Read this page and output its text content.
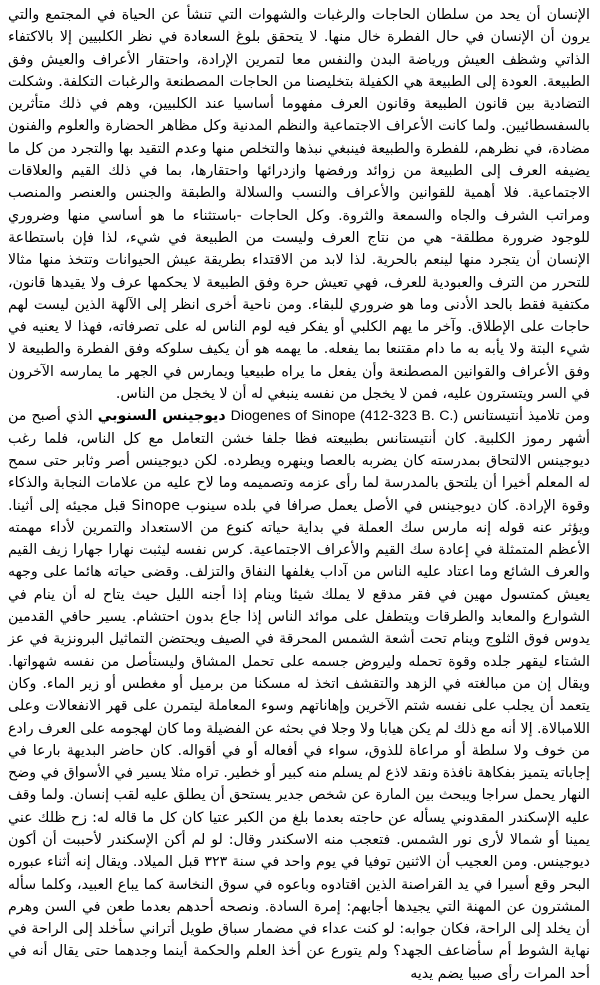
الإنسان أن يحد من سلطان الحاجات والرغبات والشهوات التي تنشأ عن الحياة في المجتمع والتي يرون أن الإنسان في حال الفطرة خال منها. لا يتحقق بلوغ السعادة في نظر الكلبيين إلا بالاكتفاء الذاتي وشظف العيش ورياضة البدن والنفس معا لتمرين الإرادة، واحتقار الأعراف والعيش وفق الطبيعة. العودة إلى الطبيعة هي الكفيلة بتخليصنا من الحاجات المصطنعة والرغبات التكلفة. وشكلت التضادية بين قانون الطبيعة وقانون العرف مفهوما أساسيا عند الكلبيين، وهم في ذلك متأثرين بالسفسطائيين. ولما كانت الأعراف الاجتماعية والنظم المدنية وكل مظاهر الحضارة والعلوم والفنون مضادة، في نظرهم، للفطرة والطبيعة فينبغي نبذها والتخلص منها وعدم التقيد بها والتجرد من كل ما يضيفه العرف إلى الطبيعة من زوائد ورفضها وازدرائها واحتقارها، بما في ذلك القيم والعلاقات الاجتماعية. فلا أهمية للقوانين والأعراف والنسب والسلالة والطبقة والجنس والعنصر والمنصب ومراتب الشرف والجاه والسمعة والثروة. وكل الحاجات -باستثناء ما هو أساسي منها وضروري للوجود ضرورة مطلقة- هي من نتاج العرف وليست من الطبيعة في شيء، لذا فإن باستطاعة الإنسان أن يتجرد منها لينعم بالحرية. لذا لابد من الاقتداء بطريقة عيش الحيوانات وتتخذ منها مثالا للتحرر من الترف والعبودية للعرف، فهي تعيش حرة وفق الطبيعة لا يحكمها عرف ولا يقيدها قانون، مكتفية فقط بالحد الأدنى وما هو ضروري للبقاء. ومن ناحية أخرى انظر إلى الآلهة الذين ليست لهم حاجات على الإطلاق. وآخر ما يهم الكلبي أو يفكر فيه لوم الناس له على تصرفاته، فهذا لا يعنيه في شيء البتة ولا يأبه به ما دام مقتنعا بما يفعله. ما يهمه هو أن يكيف سلوكه وفق الفطرة والطبيعة لا وفق الأعراف والقوانين المصطنعة وأن يفعل ما يراه طبيعيا ويمارس في الجهر ما يمارسه الآخرون في السر ويتسترون عليه، فمن لا يخجل من نفسه ينبغي له أن لا يخجل من الناس.

ومن تلاميذ أنتيستانس Diogenes of Sinope (412-323 B. C.) ديوجينس السنوبي الذي أصبح من أشهر رموز الكلبية. كان أنتيستانس بطبيعته فظا جلفا خشن التعامل مع كل الناس، فلما رغب ديوجينس الالتحاق بمدرسته كان يضربه بالعصا وينهره ويطرده. لكن ديوجينس أصر وثابر حتى سمح له المعلم أخيرا أن يلتحق بالمدرسة لما رأى عزمه وتصميمه وما لاح عليه من علامات النجابة والذكاء وقوة الإرادة. كان ديوجينس في الأصل يعمل صرافا في بلده سينوب Sinope قبل مجيئه إلى أثينا. ويؤثر عنه قوله إنه مارس سك العملة في بداية حياته كنوع من الاستعداد والتمرين لأداء مهمته الأعظم المتمثلة في إعادة سك القيم والأعراف الاجتماعية. كرس نفسه ليثبت نهارا جهارا زيف القيم والعرف الشائع وما اعتاد عليه الناس من آداب يغلفها النفاق والتزلف. وقضى حياته هائما على وجهه يعيش كمتسول مهين في فقر مدقع لا يملك شيئا وينام إذا أجنه الليل حيث يتاح له أن ينام في الشوارع والمعابد والطرقات ويتطفل على موائد الناس إذا جاع بدون احتشام. يسير حافي القدمين يدوس فوق الثلوج وينام تحت أشعة الشمس المحرقة في الصيف ويحتضن التماثيل البرونزية في عز الشتاء ليقهر جلده وقوة تحمله وليروض جسمه على تحمل المشاق وليستأصل من نفسه شهواتها. ويقال إن من مبالغته في الزهد والتقشف اتخذ له مسكنا من برميل أو مغطس أو زير الماء. وكان يتعمد أن يجلب على نفسه شتم الآخرين وإهاناتهم وسوء المعاملة ليتمرن على قهر الانفعالات وعلى اللامبالاة. إلا أنه مع ذلك لم يكن هيابا ولا وجلا في بحثه عن الفضيلة وما كان لهجومه على العرف رادع من خوف ولا سلطة أو مراعاة للذوق، سواء في أفعاله أو في أقواله. كان حاضر البديهة بارعا في إجاباته يتميز بفكاهة نافذة ونقد لاذع لم يسلم منه كبير أو خطير. تراه مثلا يسير في الأسواق في وضح النهار يحمل سراجا ويبحث بين المارة عن شخص جدير يستحق أن يطلق عليه لقب إنسان. ولما وقف عليه الإسكندر المقدوني يسأله عن حاجته بعدما بلغ من الكبر عتيا كان كل ما قاله له: زح ظلك عني يمينا أو شمالا لأرى نور الشمس. فتعجب منه الاسكندر وقال: لو لم أكن الإسكندر لأحببت أن أكون ديوجينس. ومن العجيب أن الاثنين توفيا في يوم واحد في سنة ٣٢٣ قبل الميلاد. ويقال إنه أثناء عبوره البحر وقع أسيرا في يد القراصنة الذين اقتادوه وباعوه في سوق النخاسة كما يباع العبيد، وكلما سأله المشترون عن المهنة التي يجيدها أجابهم: إمرة السادة. ونصحه أحدهم بعدما طعن في السن وهرم أن يخلد إلى الراحة، فكان جوابه: لو كنت عداء في مضمار سباق طويل أتراني سأخلد إلى الراحة في نهاية الشوط أم سأضاعف الجهد؟ ولم يتورع عن أخذ العلم والحكمة أينما وجدهما حتى يقال أنه في أحد المرات رأى صبيا يضم يديه
